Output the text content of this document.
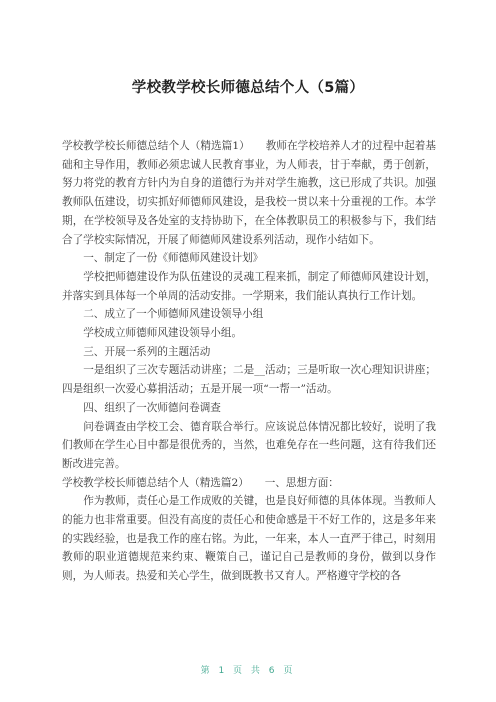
学校教学校长师德总结个人（5篇）

学校教学校长师德总结个人（精选篇1）　　教师在学校培养人才的过程中起着基础和主导作用，教师必须忠诚人民教育事业，为人师表，甘于奉献，勇于创新，努力将党的教育方针内为自身的道德行为并对学生施教，这已形成了共识。加强教师队伍建设，切实抓好师德师风建设，是我校一贯以来十分重视的工作。本学期，在学校领导及各处室的支持协助下，在全体教职员工的积极参与下，我们结合了学校实际情况，开展了师德师风建设系列活动，现作小结如下。

一、制定了一份《师德师风建设计划》

学校把师德建设作为队伍建设的灵魂工程来抓，制定了师德师风建设计划，并落实到具体每一个单周的活动安排。一学期来，我们能认真执行工作计划。

二、成立了一个师德师风建设领导小组

学校成立师德师风建设领导小组。

三、开展一系列的主题活动

一是组织了三次专题活动讲座；二是__活动；三是听取一次心理知识讲座；四是组织一次爱心募捐活动；五是开展一项“一帮一”活动。

四、组织了一次师德问卷调查

问卷调查由学校工会、德育联合举行。应该说总体情况都比较好，说明了我们教师在学生心目中都是很优秀的，当然，也难免存在一些问题，这有待我们还断改进完善。

学校教学校长师德总结个人（精选篇2）　　一、思想方面：

作为教师，责任心是工作成败的关键，也是良好师德的具体体现。当教师人的能力也非常重要。但没有高度的责任心和使命感是干不好工作的，这是多年来的实践经验，也是我工作的座右铭。为此，一年来，本人一直严于律己，时刻用教师的职业道德规范来约束、鞭策自己，谨记自己是教师的身份，做到以身作则，为人师表。热爱和关心学生，做到既教书又育人。严格遵守学校的各

第 1 页 共 6 页
